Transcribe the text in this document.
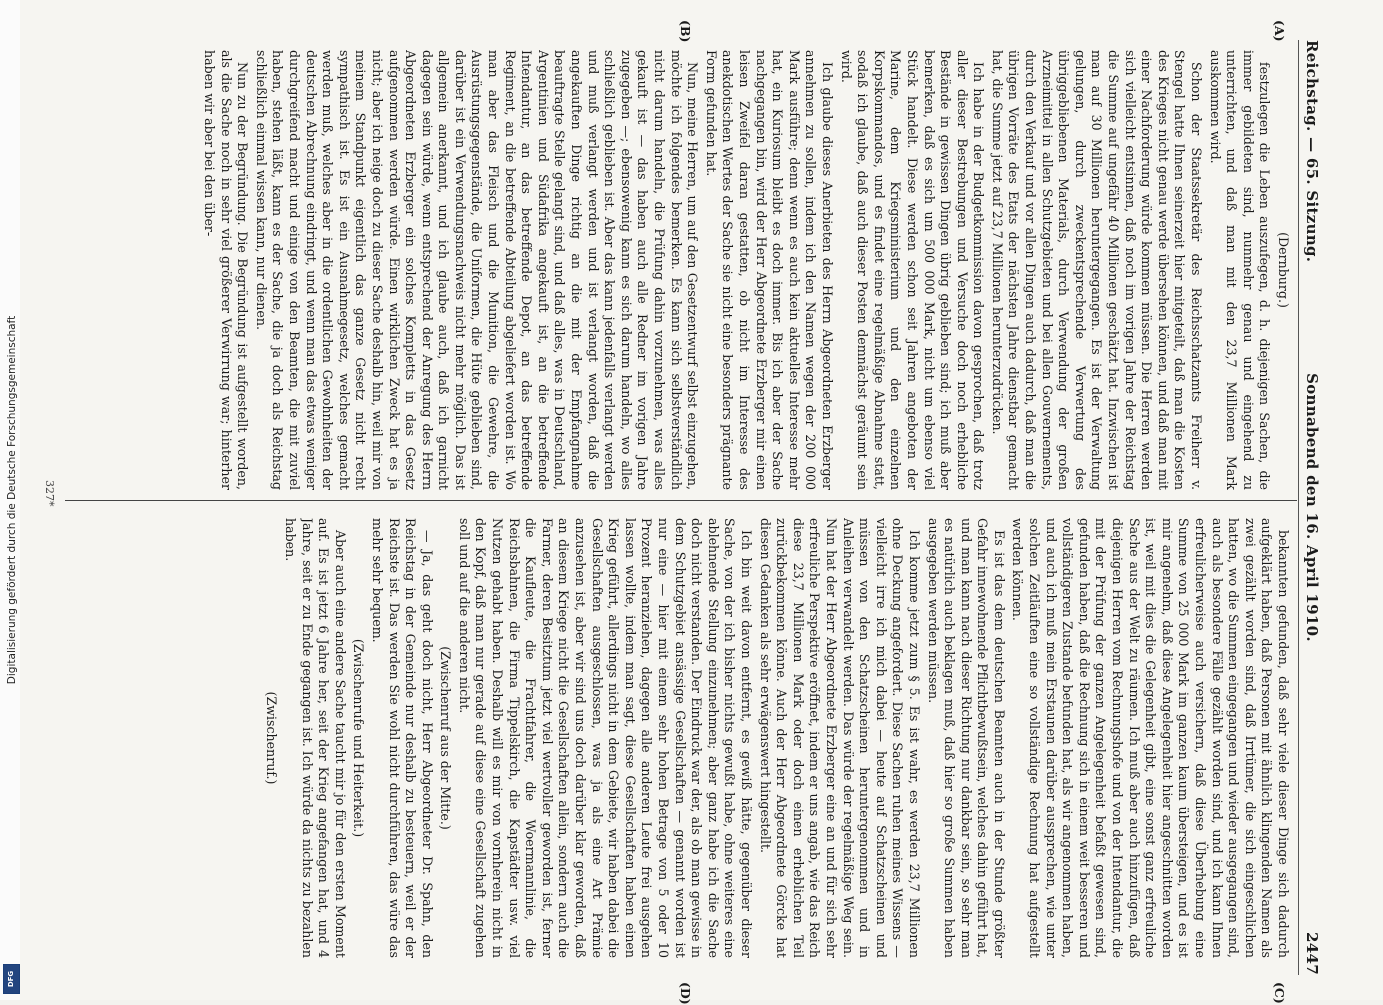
Reichstag. — 65. Sitzung.
Sonnabend den 16. April 1910.
2447
(A)
(B)
(C)
(D)

(Dernburg.)

festzulegen die Leben auszufegen, d. h. diejenigen Sachen, die immer gebildeten sind, nunmehr genau und eingehend zu unterrichten, und daß man mit den 23,7 Millionen Mark auskommen wird.

Schon der Staatssekretär des Reichsschatzamts Freiherr v. Stengel hatte Ihnen seinerzeit hier mitgeteilt, daß man die Kosten des Krieges nicht genau werde übersehen können, und daß man mit einer Nachforderung würde kommen müssen. Die Herren werden sich vielleicht entsinnen, daß noch im vorigen Jahre der Reichstag die Summe auf ungefähr 40 Millionen geschätzt hat. Inzwischen ist man auf 30 Millionen heruntergegangen. Es ist der Verwaltung gelungen, durch zweckentsprechende Verwertung des übriggebliebenen Materials, durch Verwendung der großen Arzneimittel in allen Schutzgebieten und bei allen Gouvernements, durch den Verkauf und vor allen Dingen auch dadurch, daß man die übrigen Vorräte des Etats der nächsten Jahre dienstbar gemacht hat, die Summe jetzt auf 23,7 Millionen herunterzudrücken.

Ich habe in der Budgetkommission davon gesprochen, daß trotz aller dieser Bestrebungen und Versuche doch noch erhebliche Bestände in gewissen Dingen übrig geblieben sind; ich muß aber bemerken, daß es sich um 500 000 Mark, nicht um ebenso viel Stück handelt. Diese werden schon seit Jahren angeboten der Marine, dem Kriegsministerium und den einzelnen Korpskommandos, und es findet eine regelmäßige Abnahme statt, sodaß ich glaube, daß auch dieser Posten demnächst geräumt sein wird.

Ich glaube dieses Anerbieten des Herrn Abgeordneten Erzberger annehmen zu sollen, indem ich den Namen wegen der 200 000 Mark ausführe; denn wenn es auch kein aktuelles Interesse mehr hat, ein Kuriosum bleibt es doch immer. Bis ich aber der Sache nachgegangen bin, wird der Herr Abgeordnete Erzberger mir einen leisen Zweifel daran gestatten, ob nicht im Interesse des anekdotischen Wertes der Sache sie nicht eine besonders prägnante Form gefunden hat.

Nun, meine Herren, um auf den Gesetzentwurf selbst einzugehen, möchte ich folgendes bemerken. Es kann sich selbstverständlich nicht darum handeln, die Prüfung dahin vorzunehmen, was alles gekauft ist — das haben auch alle Redner im vorigen Jahre zugegeben —; ebensowenig kann es sich darum handeln, wo alles schließlich geblieben ist. Aber das kann jedenfalls verlangt werden und muß verlangt werden und ist verlangt worden, daß die angekauften Dinge richtig an die mit der Empfangnahme beauftragte Stelle gelangt sind, und daß alles, was in Deutschland, Argentinien und Südafrika angekauft ist, an die betreffende Intendantur, an das betreffende Depot, an das betreffende Regiment, an die betreffende Abteilung abgeliefert worden ist. Wo man aber das Fleisch und die Munition, die Gewehre, die Ausrüstungsgegenstände, die Uniformen, die Hüte geblieben sind, darüber ist ein Verwendungsnachweis nicht mehr möglich. Das ist allgemein anerkannt, und ich glaube auch, daß ich garnicht dagegen sein würde, wenn entsprechend der Anregung des Herrn Abgeordneten Erzberger ein solches Kompletts in das Gesetz aufgenommen werden würde. Einen wirklichen Zweck hat es ja nicht; aber ich neige doch zu dieser Sache deshalb hin, weil mir von meinem Standpunkt eigentlich das ganze Gesetz nicht recht sympathisch ist. Es ist ein Ausnahmegesetz, welches gemacht werden muß, welches aber in die ordentlichen Gewohnheiten der deutschen Abrechnung eindringt, und wenn man das etwas weniger durchgreifend macht und einige von den Beamten, die mit zuviel haben, stehen läßt, kann es der Sache, die ja doch als Reichstag schließlich einmal wissen kann, nur dienen.

Nun zu der Begründung. Die Begründung ist aufgestellt worden, als die Sache noch in sehr viel größerer Verwirrung war; hinterher haben wir aber bei den über-

bekannten gefunden, daß sehr viele dieser Dinge sich dadurch aufgeklärt haben, daß Personen mit ähnlich klingenden Namen als zwei gezählt worden sind, daß Irrtümer, die sich eingeschlichen hatten, wo die Summen eingegangen und wieder ausgegangen sind, auch als besondere Fälle gezählt worden sind, und ich kann Ihnen erfreulicherweise auch versichern, daß diese Überhebung eine Summe von 25 000 Mark im ganzen kaum übersteigen, und es ist mir angenehm, daß diese Angelegenheit hier angeschnitten worden ist, weil mit dies die Gelegenheit gibt, eine sonst ganz erfreuliche Sache aus der Welt zu räumen. Ich muß aber auch hinzufügen, daß diejenigen Herren vom Rechnungshofe und von der Intendantur, die mit der Prüfung der ganzen Angelegenheit befaßt gewesen sind, gefunden haben, daß die Rechnung sich in einem weit besseren und vollständigeren Zustande befunden hat, als wir angenommen haben, und auch ich muß mein Erstaunen darüber aussprechen, wie unter solchen Zeitläuften eine so vollständige Rechnung hat aufgestellt werden können.

Es ist das dem deutschen Beamten auch in der Stunde größter Gefahr innewohnende Pflichtbewußtsein, welches dahin geführt hat, und man kann nach dieser Richtung nur dankbar sein, so sehr man es natürlich auch beklagen muß, daß hier so große Summen haben ausgegeben werden müssen.

Ich komme jetzt zum § 5. Es ist wahr, es werden 23,7 Millionen ohne Deckung angefordert. Diese Sachen ruhen meines Wissens — vielleicht irre ich mich dabei — heute auf Schatzscheinen und müssen von den Schatzscheinen heruntergenommen und in Anleihen verwandelt werden. Das würde der regelmäßige Weg sein. Nun hat der Herr Abgeordnete Erzberger eine an und für sich sehr erfreuliche Perspektive eröffnet, indem er uns angab, wie das Reich diese 23,7 Millionen Mark oder doch einen erheblichen Teil zurückbekommen könne. Auch der Herr Abgeordnete Görcke hat diesen Gedanken als sehr erwägenswert hingestellt.

Ich bin weit davon entfernt, es gewiß hätte, gegenüber dieser Sache, von der ich bisher nichts gewußt habe, ohne weiteres eine ablehnende Stellung einzunehmen; aber ganz habe ich die Sache doch nicht verstanden. Der Eindruck war der, als ob man gewisse in dem Schutzgebiet ansässige Gesellschaften — genannt worden ist nur eine — hier mit einem sehr hohen Betrage von 5 oder 10 Prozent heranziehen, dagegen alle anderen Leute frei ausgehen lassen wollte, indem man sagt, diese Gesellschaften haben einen Krieg geführt, allerdings nicht in dem Gebiete, wir haben dabei die Gesellschaften ausgeschlossen, was ja als eine Art Prämie anzusehen ist, aber wir sind uns doch darüber klar geworden, daß an diesem Kriege nicht die Gesellschaften allein, sondern auch die Farmer, deren Besitztum jetzt viel wertvoller geworden ist, ferner die Kaufleute, die Frachtfahrer, die Woermannlinie, die Reichsbahnen, die Firma Tippelskirch, die Kapstädter usw. viel Nutzen gehabt haben. Deshalb will es mir von vornherein nicht in den Kopf, daß man nur gerade auf diese eine Gesellschaft zugehen soll und auf die anderen nicht.

(Zwischenruf aus der Mitte.)

— Ja, das geht doch nicht, Herr Abgeordneter Dr. Spahn, den Reichstag in der Gemeinde nur deshalb zu besteuern, weil er der Reichste ist. Das werden Sie wohl nicht durchführen, das würe das mehr sehr bequem.

(Zwischenrufe und Heiterkeit.)

Aber auch eine andere Sache taucht mir jo für den ersten Moment auf. Es ist jetzt 6 Jahre her, seit der Krieg angefangen hat, und 4 Jahre, seit er zu Ende gegangen ist. Ich würde da nichts zu bezahlen haben.

(Zwischenruf.)

327*
Digitalisierung gefördert durch die Deutsche Forschungsgemeinschaft
DFG
